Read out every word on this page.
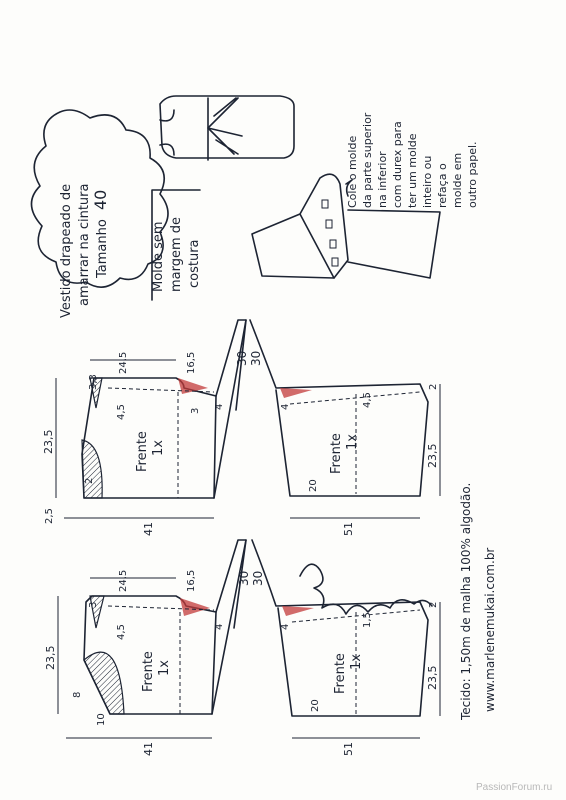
Vestido drapeado de amarrar na cintura Tamanho
40
Molde sem margem de costura
Cole o molde da parte superior na inferior com durex para ter um molde inteiro ou refaça o molde em outro papel.
Frente 1x
24,5
3,3
16,5
4,5	3
4
30
23,5
2,5
2
41
Frente 1x
30
4	4,5
2
23,5
20
51
Frente 1x
24,5
3
16,5
4,5	4
30
23,5
8
10
41
Frente 1x
30
4	1,5
2
23,5
20
51
Tecido: 1,50m de malha 100% algodão. www.marlenemukai.com.br
PassionForum.ru
